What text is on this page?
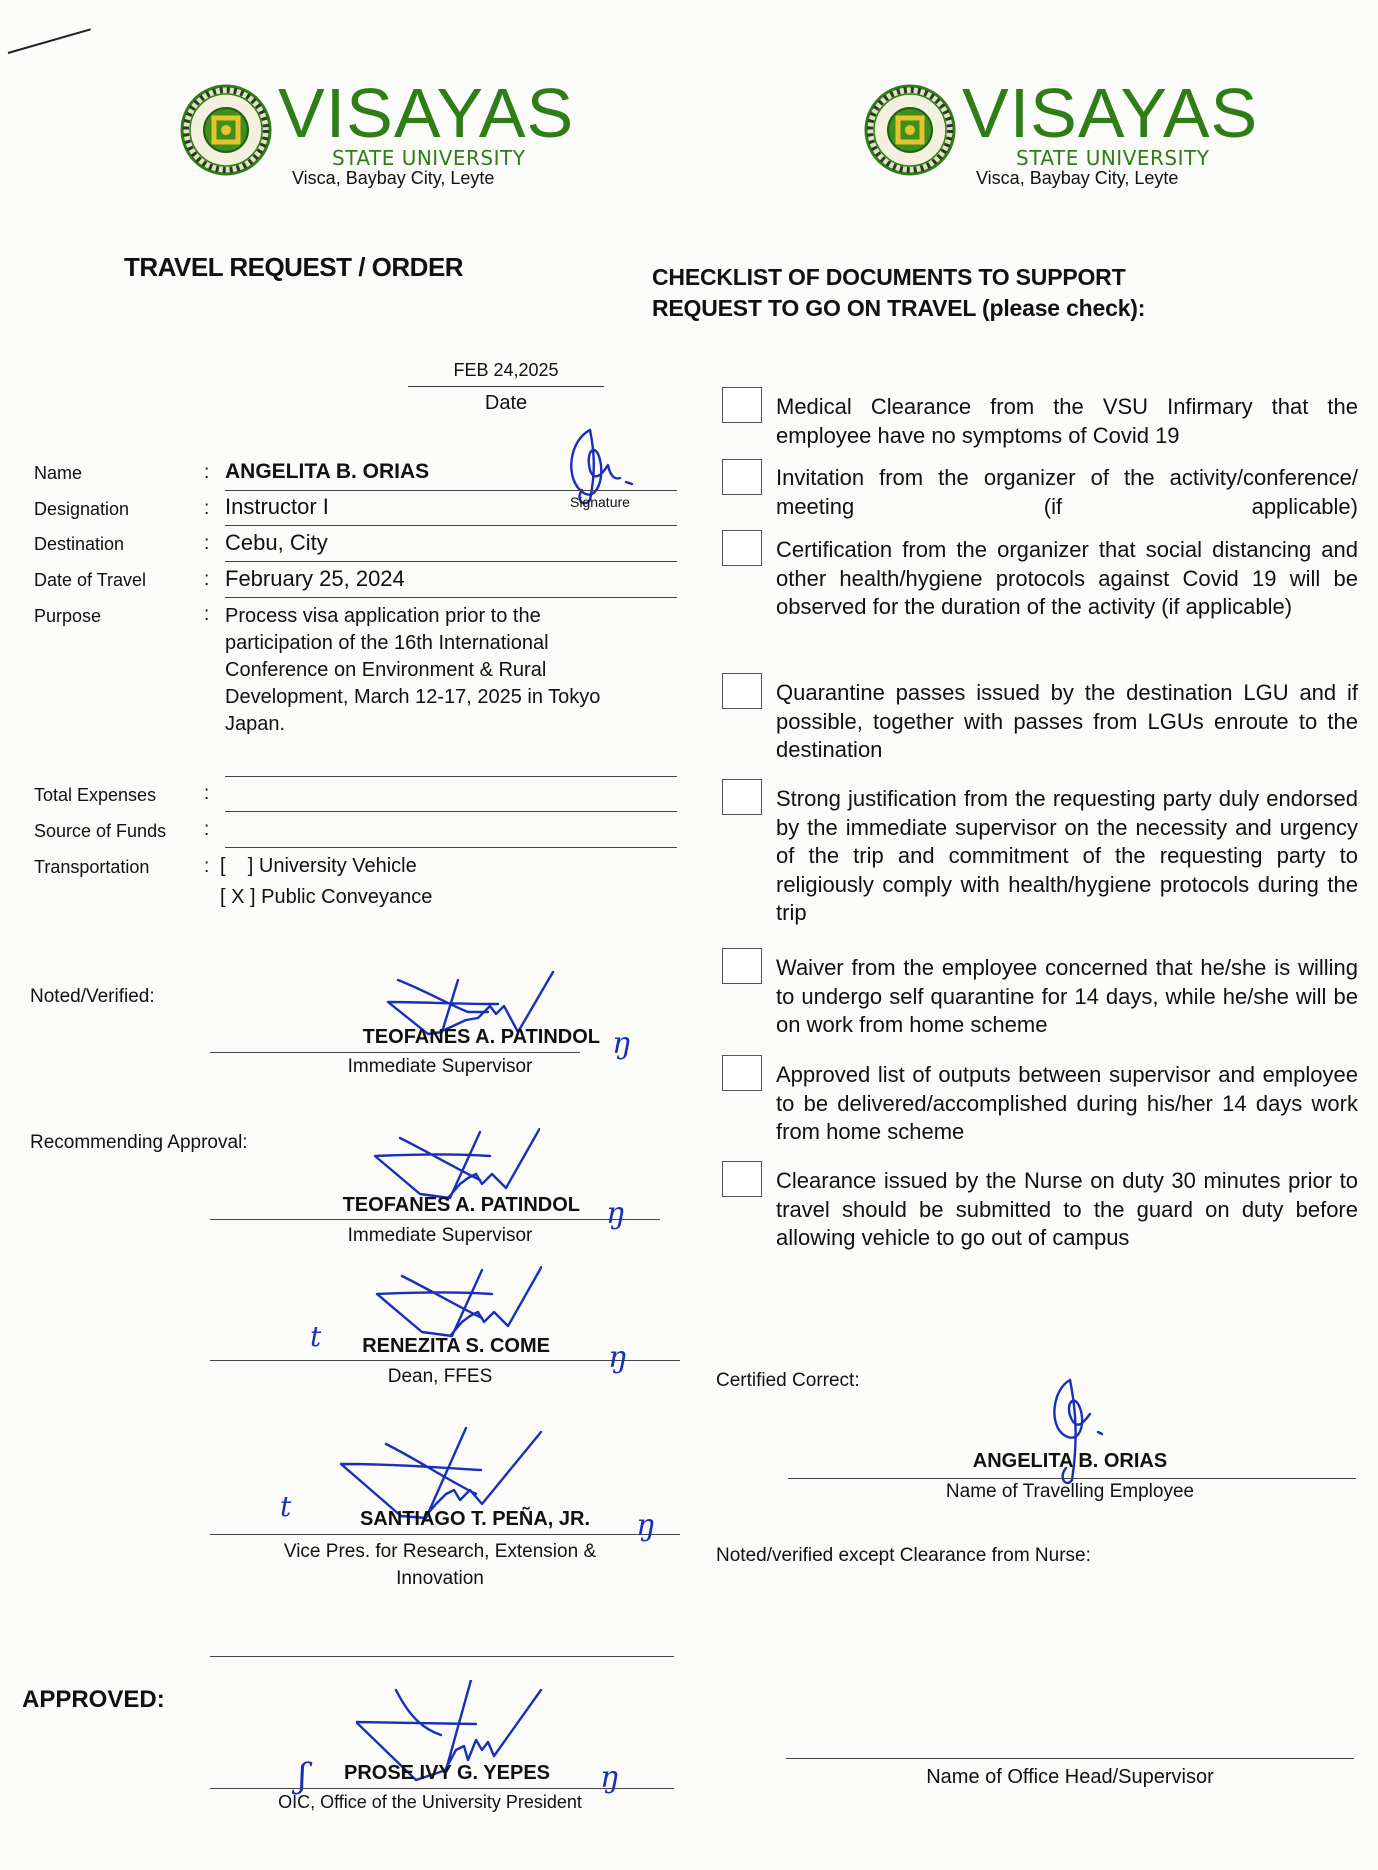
VISAYAS
STATE UNIVERSITY
Visca, Baybay City, Leyte
VISAYAS
STATE UNIVERSITY
Visca, Baybay City, Leyte
TRAVEL REQUEST / ORDER	CHECKLIST OF DOCUMENTS TO SUPPORT
REQUEST TO GO ON TRAVEL (please check):
FEB 24,2025
Date
Signature
Name	: ANGELITA B. ORIAS
Designation	: Instructor I
Destination	: Cebu, City
Date of Travel	: February 25, 2024
Purpose	: Process visa application prior to the participation of the 16th International Conference on Environment & Rural Development, March 12-17, 2025 in Tokyo Japan.
Total Expenses	:
Source of Funds :
Transportation	: [    ] University Vehicle
[ X ] Public Conveyance
Medical Clearance from the VSU Infirmary that the employee have no symptoms of Covid 19
Invitation from the organizer of the activity/conference/ meeting (if applicable)
Certification from the organizer that social distancing and other health/hygiene protocols against Covid 19 will be observed for the duration of the activity (if applicable)
Quarantine passes issued by the destination LGU and if possible, together with passes from LGUs enroute to the destination
Strong justification from the requesting party duly endorsed by the immediate supervisor on the necessity and urgency of the trip and commitment of the requesting party to religiously comply with health/hygiene protocols during the trip
Waiver from the employee concerned that he/she is willing to undergo self quarantine for 14 days, while he/she will be on work from home scheme
Approved list of outputs between supervisor and employee to be delivered/accomplished during his/her 14 days work from home scheme
Clearance issued by the Nurse on duty 30 minutes prior to travel should be submitted to the guard on duty before allowing vehicle to go out of campus
Noted/Verified:
TEOFANES A. PATINDOL
Immediate Supervisor
ŋ
Recommending Approval:
TEOFANES A. PATINDOL
Immediate Supervisor
ŋ
t	RENEZITA S. COME
Dean, FFES
ŋ
t	SANTIAGO T. PEÑA, JR.
Vice Pres. for Research, Extension & Innovation
ŋ
APPROVED:
ʃ	PROSE IVY G. YEPES
OIC, Office of the University President
ŋ
Certified Correct:
ANGELITA B. ORIAS
Name of Travelling Employee
Noted/verified except Clearance from Nurse:
Name of Office Head/Supervisor
